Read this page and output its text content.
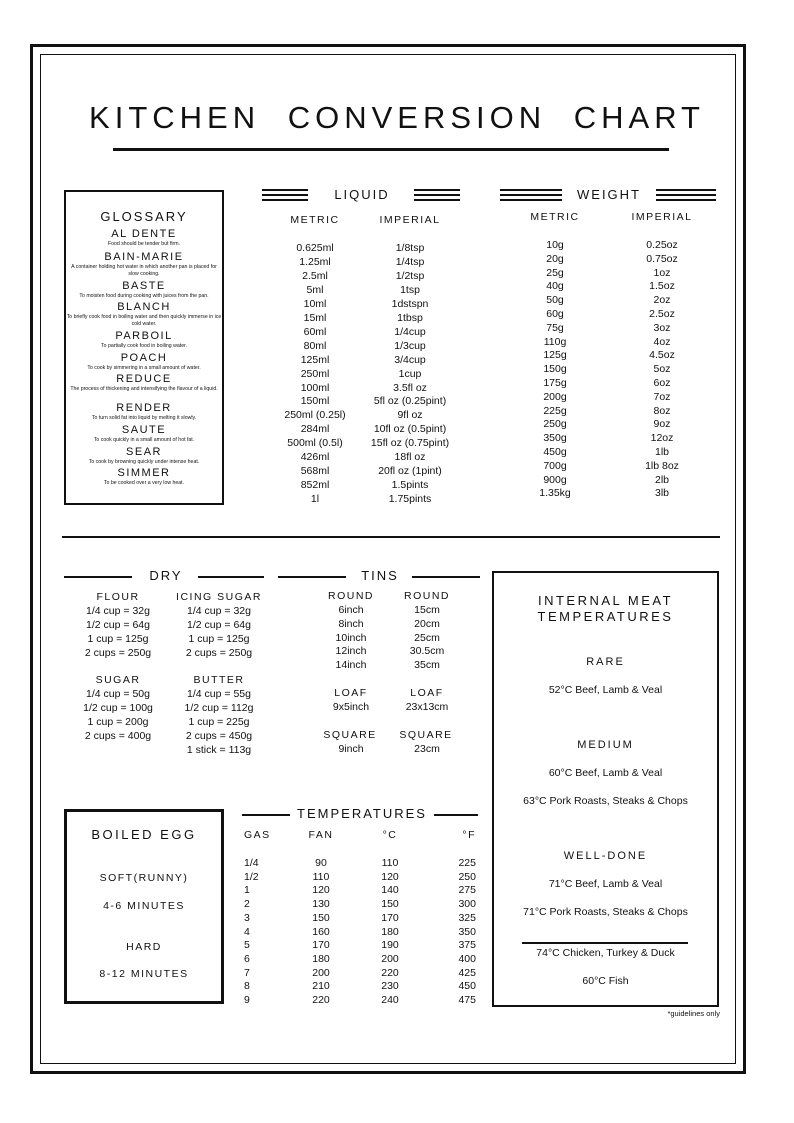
KITCHEN CONVERSION CHART
GLOSSARY
AL DENTE
Food should be tender but firm.
BAIN-MARIE
A container holding hot water in which another pan is placed for slow cooking.
BASTE
To moisten food during cooking with juices from the pan.
BLANCH
To briefly cook food in boiling water and then quickly immerse in ice cold water.
PARBOIL
To partially cook food in boiling water.
POACH
To cook by simmering in a small amount of water.
REDUCE
The process of thickening and intensifying the flavour of a liquid.
RENDER
To turn solid fat into liquid by melting it slowly.
SAUTE
To cook quickly in a small amount of hot fat.
SEAR
To cook by browning quickly under intense heat.
SIMMER
To be cooked over a very low heat.
LIQUID
METRIC	IMPERIAL
0.625ml	1/8tsp
1.25ml	1/4tsp
2.5ml	1/2tsp
5ml	1tsp
10ml	1dstspn
15ml	1tbsp
60ml	1/4cup
80ml	1/3cup
125ml	3/4cup
250ml	1cup
100ml	3.5fl oz
150ml	5fl oz (0.25pint)
250ml (0.25l)	9fl oz
284ml	10fl oz (0.5pint)
500ml (0.5l)	15fl oz (0.75pint)
426ml	18fl oz
568ml	20fl oz (1pint)
852ml	1.5pints
1l	1.75pints
WEIGHT
METRIC	IMPERIAL
10g	0.25oz
20g	0.75oz
25g	1oz
40g	1.5oz
50g	2oz
60g	2.5oz
75g	3oz
110g	4oz
125g	4.5oz
150g	5oz
175g	6oz
200g	7oz
225g	8oz
250g	9oz
350g	12oz
450g	1lb
700g	1lb 8oz
900g	2lb
1.35kg	3lb
DRY
FLOUR
1/4 cup = 32g
1/2 cup = 64g
1 cup = 125g
2 cups = 250g
ICING SUGAR
1/4 cup = 32g
1/2 cup = 64g
1 cup = 125g
2 cups = 250g
SUGAR
1/4 cup = 50g
1/2 cup = 100g
1 cup = 200g
2 cups = 400g
BUTTER
1/4 cup = 55g
1/2 cup = 112g
1 cup = 225g
2 cups = 450g
1 stick = 113g
TINS
ROUND	ROUND
6inch	15cm
8inch	20cm
10inch	25cm
12inch	30.5cm
14inch	35cm
LOAF	LOAF
9x5inch	23x13cm
SQUARE	SQUARE
9inch	23cm
INTERNAL MEAT
TEMPERATURES
RARE
52°C Beef, Lamb & Veal
MEDIUM
60°C Beef, Lamb & Veal
63°C Pork Roasts, Steaks & Chops
WELL-DONE
71°C Beef, Lamb & Veal
71°C Pork Roasts, Steaks & Chops
74°C Chicken, Turkey & Duck
60°C Fish
BOILED EGG
SOFT(RUNNY)
4-6 MINUTES
HARD
8-12 MINUTES
TEMPERATURES
GAS	FAN	°C	°F
1/4	90	110	225
1/2	110	120	250
1	120	140	275
2	130	150	300
3	150	170	325
4	160	180	350
5	170	190	375
6	180	200	400
7	200	220	425
8	210	230	450
9	220	240	475
*guidelines only
